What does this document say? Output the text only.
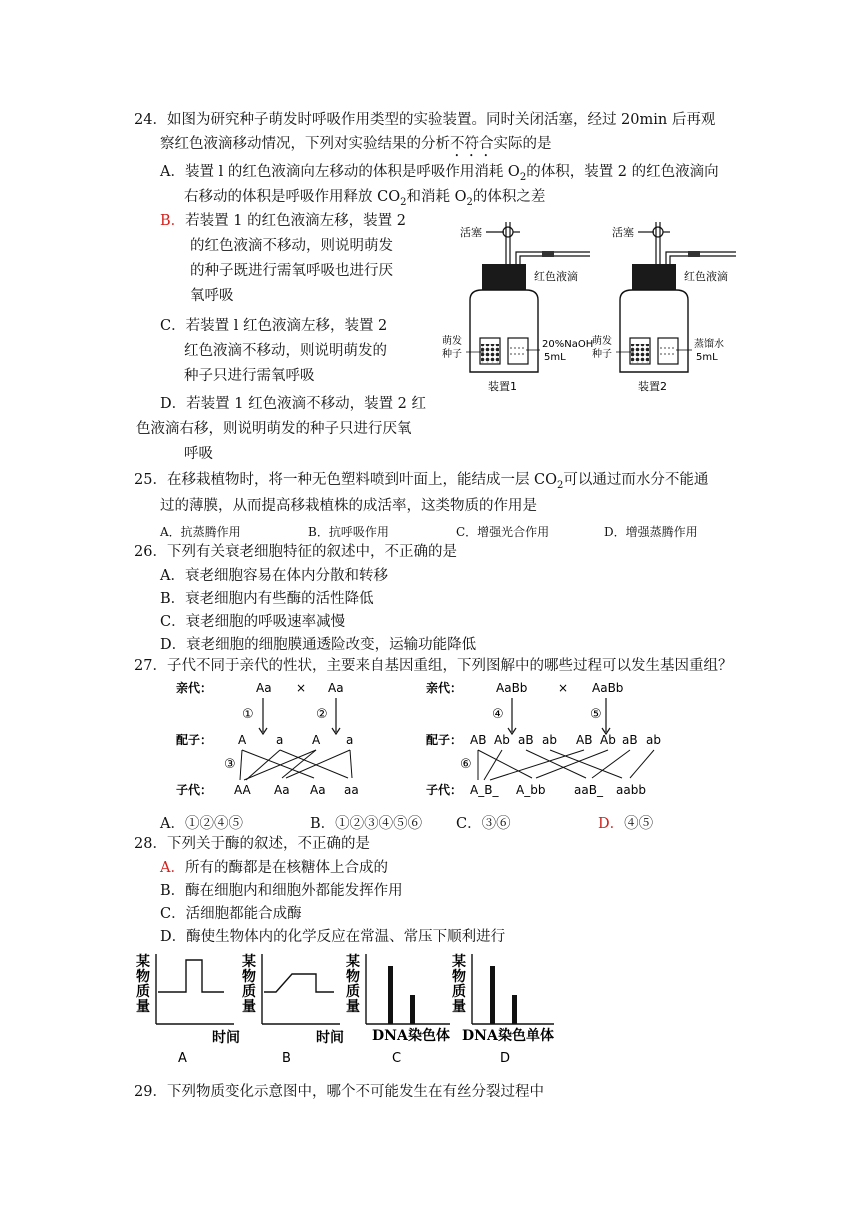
24．如图为研究种子萌发时呼吸作用类型的实验装置。同时关闭活塞，经过 20min 后再观
察红色液滴移动情况，下列对实验结果的分析不符合实际的是
A．装置 l 的红色液滴向左移动的体积是呼吸作用消耗 $O_2$的体积，装置 2 的红色液滴向
右移动的体积是呼吸作用释放 $CO_2$和消耗 $O_2$的体积之差
B．若装置 1 的红色液滴左移，装置 2
的红色液滴不移动，则说明萌发
的种子既进行需氧呼吸也进行厌
氧呼吸
C．若装置 l 红色液滴左移，装置 2
红色液滴不移动，则说明萌发的
种子只进行需氧呼吸
D．若装置 1 红色液滴不移动，装置 2 红
色液滴右移，则说明萌发的种子只进行厌氧
呼吸
活塞
红色液滴
萌发
种子
20%NaOH
5mL
装置1
活塞
红色液滴
萌发
种子
蒸馏水
5mL
装置2
25．在移栽植物时，将一种无色塑料喷到叶面上，能结成一层 $CO_2$可以通过而水分不能通
过的薄膜，从而提高移栽植株的成活率，这类物质的作用是
A．抗蒸腾作用	B．抗呼吸作用	C．增强光合作用	D．增强蒸腾作用
26．下列有关衰老细胞特征的叙述中，不正确的是
A．衰老细胞容易在体内分散和转移
B．衰老细胞内有些酶的活性降低
C．衰老细胞的呼吸速率减慢
D．衰老细胞的细胞膜通透险改变，运输功能降低
27．子代不同于亲代的性状，主要来自基因重组，下列图解中的哪些过程可以发生基因重组？
亲代：	Aa × Aa
①	②
配子： A a A a
③
子代： AA Aa Aa aa
亲代：	AaBb	× AaBb
④	⑤
配子： AB Ab aB ab AB Ab aB ab
⑥
子代： A_B_ A_bb aaB_ aabb
A．①②④⑤	B．①②③④⑤⑥ C．③⑥	D．④⑤
28．下列关于酶的叙述，不正确的是
A．所有的酶都是在核糖体上合成的
B．酶在细胞内和细胞外都能发挥作用
C．活细胞都能合成酶
D．酶使生物体内的化学反应在常温、常压下顺利进行
某
物
质
量
时间
A
某
物
质
量
时间
B
某
物
质
量
DNA 染色体
C
某
物
质
量
DNA 染色单体
D
29．下列物质变化示意图中，哪个不可能发生在有丝分裂过程中
